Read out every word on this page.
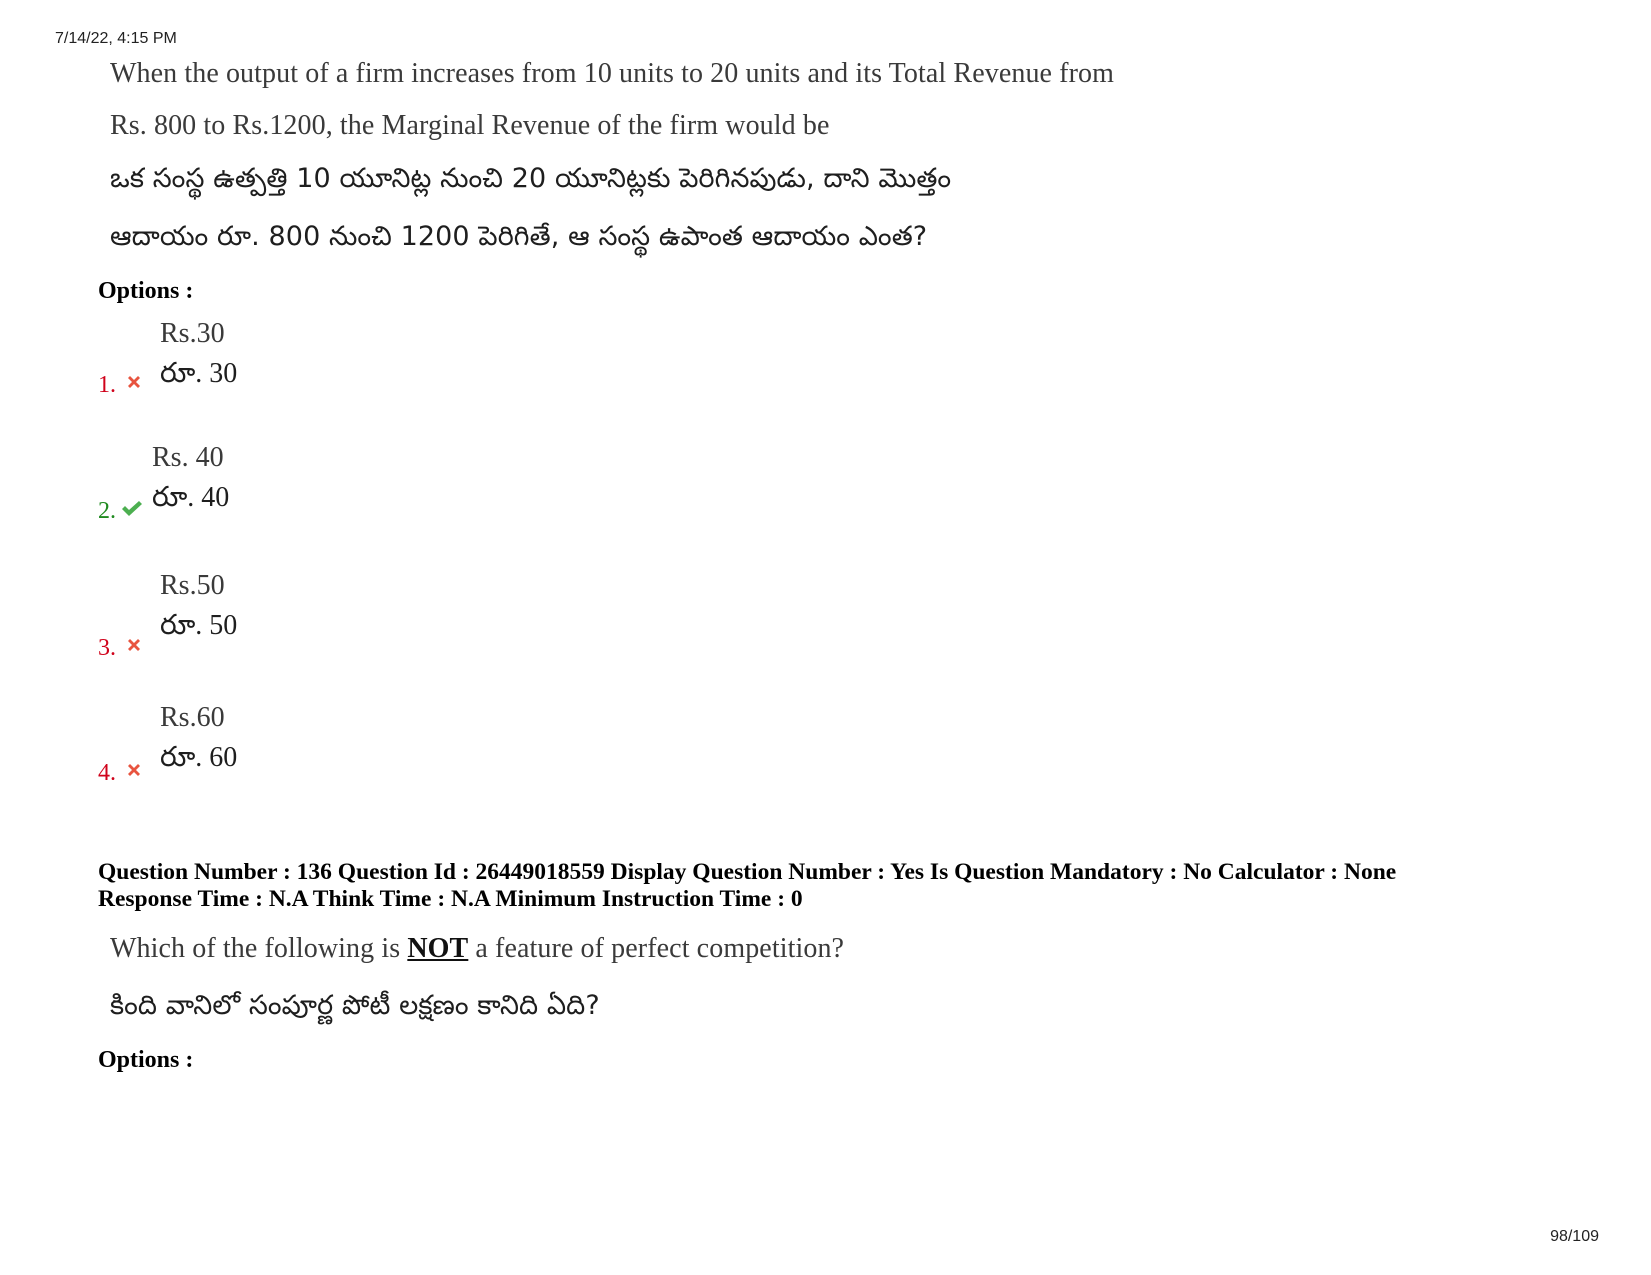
7/14/22, 4:15 PM
When the output of a firm increases from 10 units to 20 units and its Total Revenue from
Rs. 800 to Rs.1200, the Marginal Revenue of the firm would be
ఒక సంస్థ ఉత్పత్తి 10 యూనిట్ల నుంచి 20 యూనిట్లకు పెరిగినపుడు, దాని మొత్తం
ఆదాయం రూ. 800 నుంచి 1200 పెరిగితే, ఆ సంస్థ ఉపాంత ఆదాయం ఎంత?
Options :
1.
Rs.30
రూ. 30
2.
Rs. 40
రూ. 40
3.
Rs.50
రూ. 50
4.
Rs.60
రూ. 60
Question Number : 136 Question Id : 26449018559 Display Question Number : Yes Is Question Mandatory : No Calculator : None
Response Time : N.A Think Time : N.A Minimum Instruction Time : 0
Which of the following is NOT a feature of perfect competition?
కింది వానిలో సంపూర్ణ పోటీ లక్షణం కానిది ఏది?
Options :
98/109
